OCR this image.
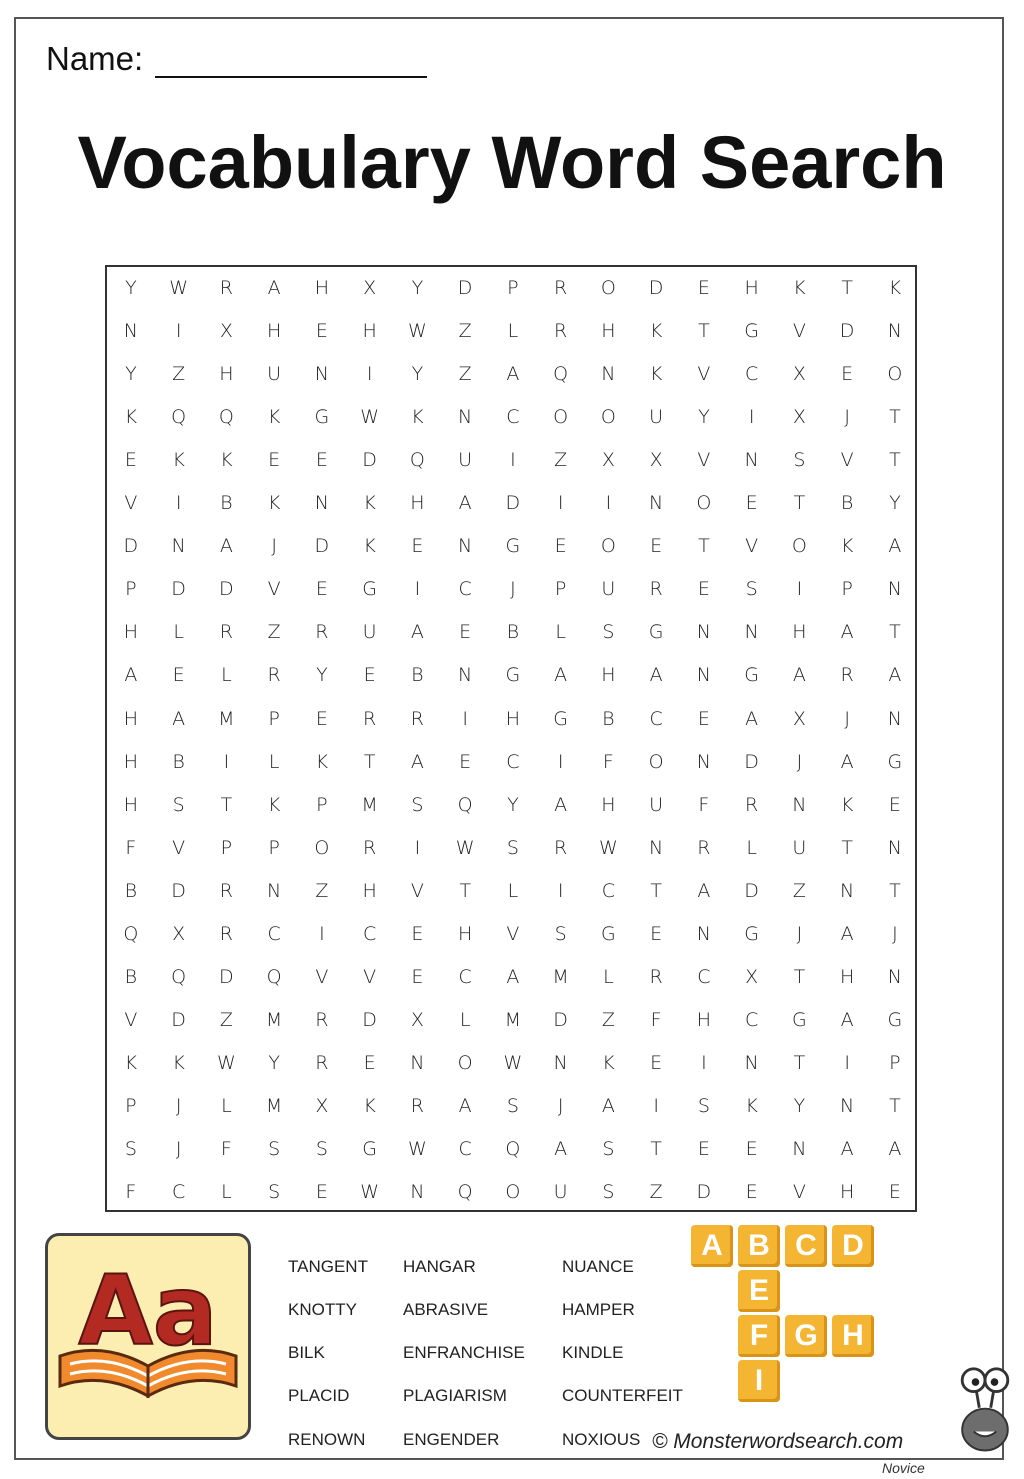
Name:
Vocabulary Word Search
Y	W	R	A	H	X	Y	D	P	R	O	D	E	H	K	T	K
N	I	X	H	E	H	W	Z	L	R	H	K	T	G	V	D	N
Y	Z	H	U	N	I	Y	Z	A	Q	N	K	V	C	X	E	O
K	Q	Q	K	G	W	K	N	C	O	O	U	Y	I	X	J	T
E	K	K	E	E	D	Q	U	I	Z	X	X	V	N	S	V	T
V	I	B	K	N	K	H	A	D	I	I	N	O	E	T	B	Y
D	N	A	J	D	K	E	N	G	E	O	E	T	V	O	K	A
P	D	D	V	E	G	I	C	J	P	U	R	E	S	I	P	N
H	L	R	Z	R	U	A	E	B	L	S	G	N	N	H	A	T
A	E	L	R	Y	E	B	N	G	A	H	A	N	G	A	R	A
H	A	M	P	E	R	R	I	H	G	B	C	E	A	X	J	N
H	B	I	L	K	T	A	E	C	I	F	O	N	D	J	A	G
H	S	T	K	P	M	S	Q	Y	A	H	U	F	R	N	K	E
F	V	P	P	O	R	I	W	S	R	W	N	R	L	U	T	N
B	D	R	N	Z	H	V	T	L	I	C	T	A	D	Z	N	T
Q	X	R	C	I	C	E	H	V	S	G	E	N	G	J	A	J
B	Q	D	Q	V	V	E	C	A	M	L	R	C	X	T	H	N
V	D	Z	M	R	D	X	L	M	D	Z	F	H	C	G	A	G
K	K	W	Y	R	E	N	O	W	N	K	E	I	N	T	I	P
P	J	L	M	X	K	R	A	S	J	A	I	S	K	Y	N	T
S	J	F	S	S	G	W	C	Q	A	S	T	E	E	N	A	A
F	C	L	S	E	W	N	Q	O	U	S	Z	D	E	V	H	E
Aa	TANGENT
KNOTTY
BILK
PLACID
RENOWN
HANGAR
ABRASIVE
ENFRANCHISE
PLAGIARISM
ENGENDER
NUANCE
HAMPER
KINDLE
COUNTERFEIT
NOXIOUS
A B C D
E
F G H
I
© Monsterwordsearch.com
Novice
